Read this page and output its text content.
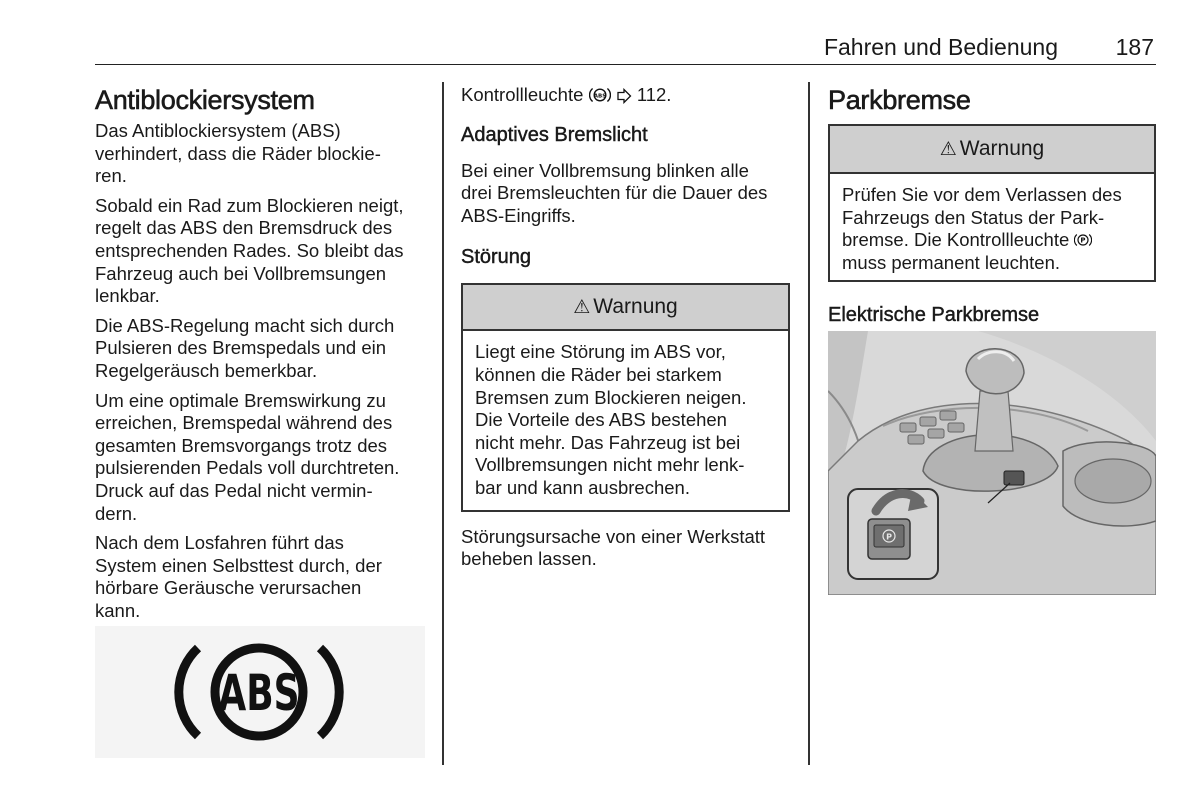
Fahren und Bedienung	187
Antiblockiersystem

Das Antiblockiersystem (ABS)
verhindert, dass die Räder blockie-
ren.

Sobald ein Rad zum Blockieren neigt,
regelt das ABS den Bremsdruck des
entsprechenden Rades. So bleibt das
Fahrzeug auch bei Vollbremsungen
lenkbar.

Die ABS-Regelung macht sich durch
Pulsieren des Bremspedals und ein
Regelgeräusch bemerkbar.

Um eine optimale Bremswirkung zu
erreichen, Bremspedal während des
gesamten Bremsvorgangs trotz des
pulsierenden Pedals voll durchtreten.
Druck auf das Pedal nicht vermin-
dern.

Nach dem Losfahren führt das
System einen Selbsttest durch, der
hörbare Geräusche verursachen
kann.

ABS

Kontrollleuchte ABS 112.

Adaptives Bremslicht

Bei einer Vollbremsung blinken alle
drei Bremsleuchten für die Dauer des
ABS-Eingriffs.

Störung
⚠ Warnung

Liegt eine Störung im ABS vor,
können die Räder bei starkem
Bremsen zum Blockieren neigen.
Die Vorteile des ABS bestehen
nicht mehr. Das Fahrzeug ist bei
Vollbremsungen nicht mehr lenk-
bar und kann ausbrechen.

Störungsursache von einer Werkstatt
beheben lassen.

Parkbremse
⚠ Warnung

Prüfen Sie vor dem Verlassen des
Fahrzeugs den Status der Park-
bremse. Die Kontrollleuchte P

muss permanent leuchten.

Elektrische Parkbremse
P
